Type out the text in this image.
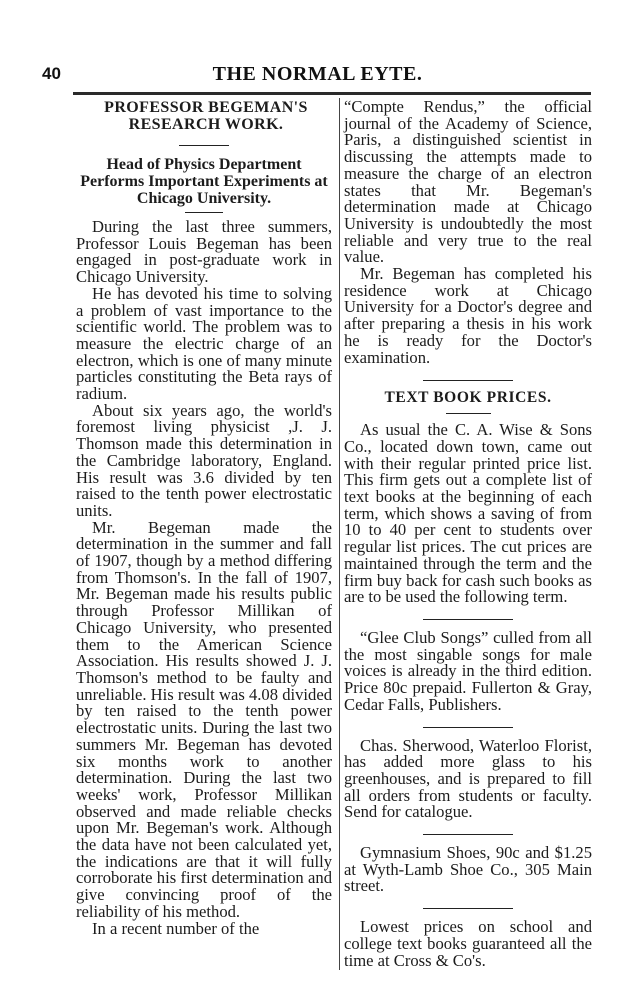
40	THE NORMAL EYTE.
PROFESSOR BEGEMAN'S RESEARCH WORK.
Head of Physics Department Performs Important Experiments at Chicago University.

During the last three summers, Professor Louis Begeman has been engaged in post-graduate work in Chicago University.

He has devoted his time to solving a problem of vast importance to the scientific world. The problem was to measure the electric charge of an electron, which is one of many minute particles constituting the Beta rays of radium.

About six years ago, the world's foremost living physicist ,J. J. Thomson made this determination in the Cambridge laboratory, England. His result was 3.6 divided by ten raised to the tenth power electrostatic units.

Mr. Begeman made the determination in the summer and fall of 1907, though by a method differing from Thomson's. In the fall of 1907, Mr. Begeman made his results public through Professor Millikan of Chicago University, who presented them to the American Science Association. His results showed J. J. Thomson's method to be faulty and unreliable. His result was 4.08 divided by ten raised to the tenth power electrostatic units. During the last two summers Mr. Begeman has devoted six months work to another determination. During the last two weeks' work, Professor Millikan observed and made reliable checks upon Mr. Begeman's work. Although the data have not been calculated yet, the indications are that it will fully corroborate his first determination and give convincing proof of the reliability of his method.

In a recent number of the

“Compte Rendus,” the official journal of the Academy of Science, Paris, a distinguished scientist in discussing the attempts made to measure the charge of an electron states that Mr. Begeman's determination made at Chicago University is undoubtedly the most reliable and very true to the real value.

Mr. Begeman has completed his residence work at Chicago University for a Doctor's degree and after preparing a thesis in his work he is ready for the Doctor's examination.

TEXT BOOK PRICES.

As usual the C. A. Wise & Sons Co., located down town, came out with their regular printed price list. This firm gets out a complete list of text books at the beginning of each term, which shows a saving of from 10 to 40 per cent to students over regular list prices. The cut prices are maintained through the term and the firm buy back for cash such books as are to be used the following term.

“Glee Club Songs” culled from all the most singable songs for male voices is already in the third edition. Price 80c prepaid. Fullerton & Gray, Cedar Falls, Publishers.

Chas. Sherwood, Waterloo Florist, has added more glass to his greenhouses, and is prepared to fill all orders from students or faculty. Send for catalogue.

Gymnasium Shoes, 90c and $1.25 at Wyth-Lamb Shoe Co., 305 Main street.

Lowest prices on school and college text books guaranteed all the time at Cross & Co's.
